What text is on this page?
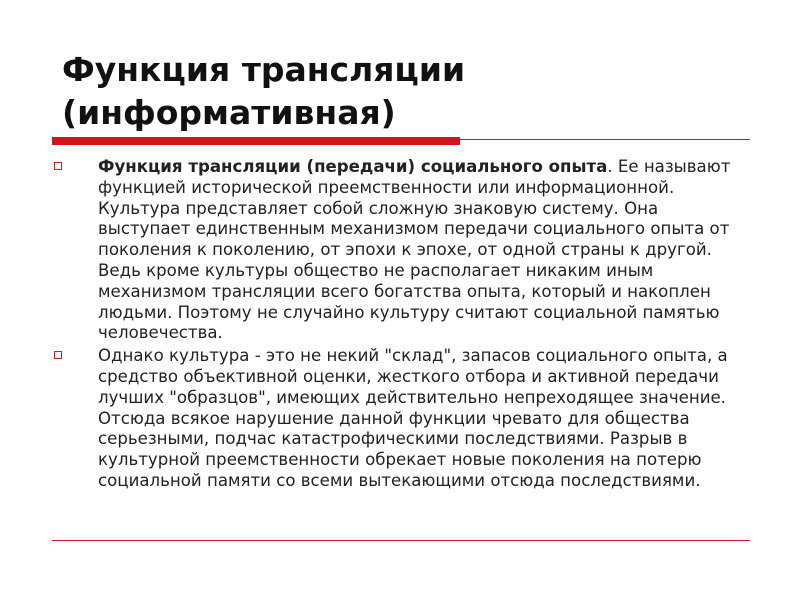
Функция трансляции
(информативная)

Функция трансляции (передачи) социального опыта. Ее называют функцией исторической преемственности или информационной. Культура представляет собой сложную знаковую систему. Она выступает единственным механизмом передачи социального опыта от поколения к поколению, от эпохи к эпохе, от одной страны к другой. Ведь кроме культуры общество не располагает никаким иным механизмом трансляции всего богатства опыта, который и накоплен людьми. Поэтому не случайно культуру считают социальной памятью человечества.

Однако культура - это не некий "склад", запасов социального опыта, а средство объективной оценки, жесткого отбора и активной передачи лучших "образцов", имеющих действительно непреходящее значение. Отсюда всякое нарушение данной функции чревато для общества серьезными, подчас катастрофическими последствиями. Разрыв в культурной преемственности обрекает новые поколения на потерю социальной памяти со всеми вытекающими отсюда последствиями.
